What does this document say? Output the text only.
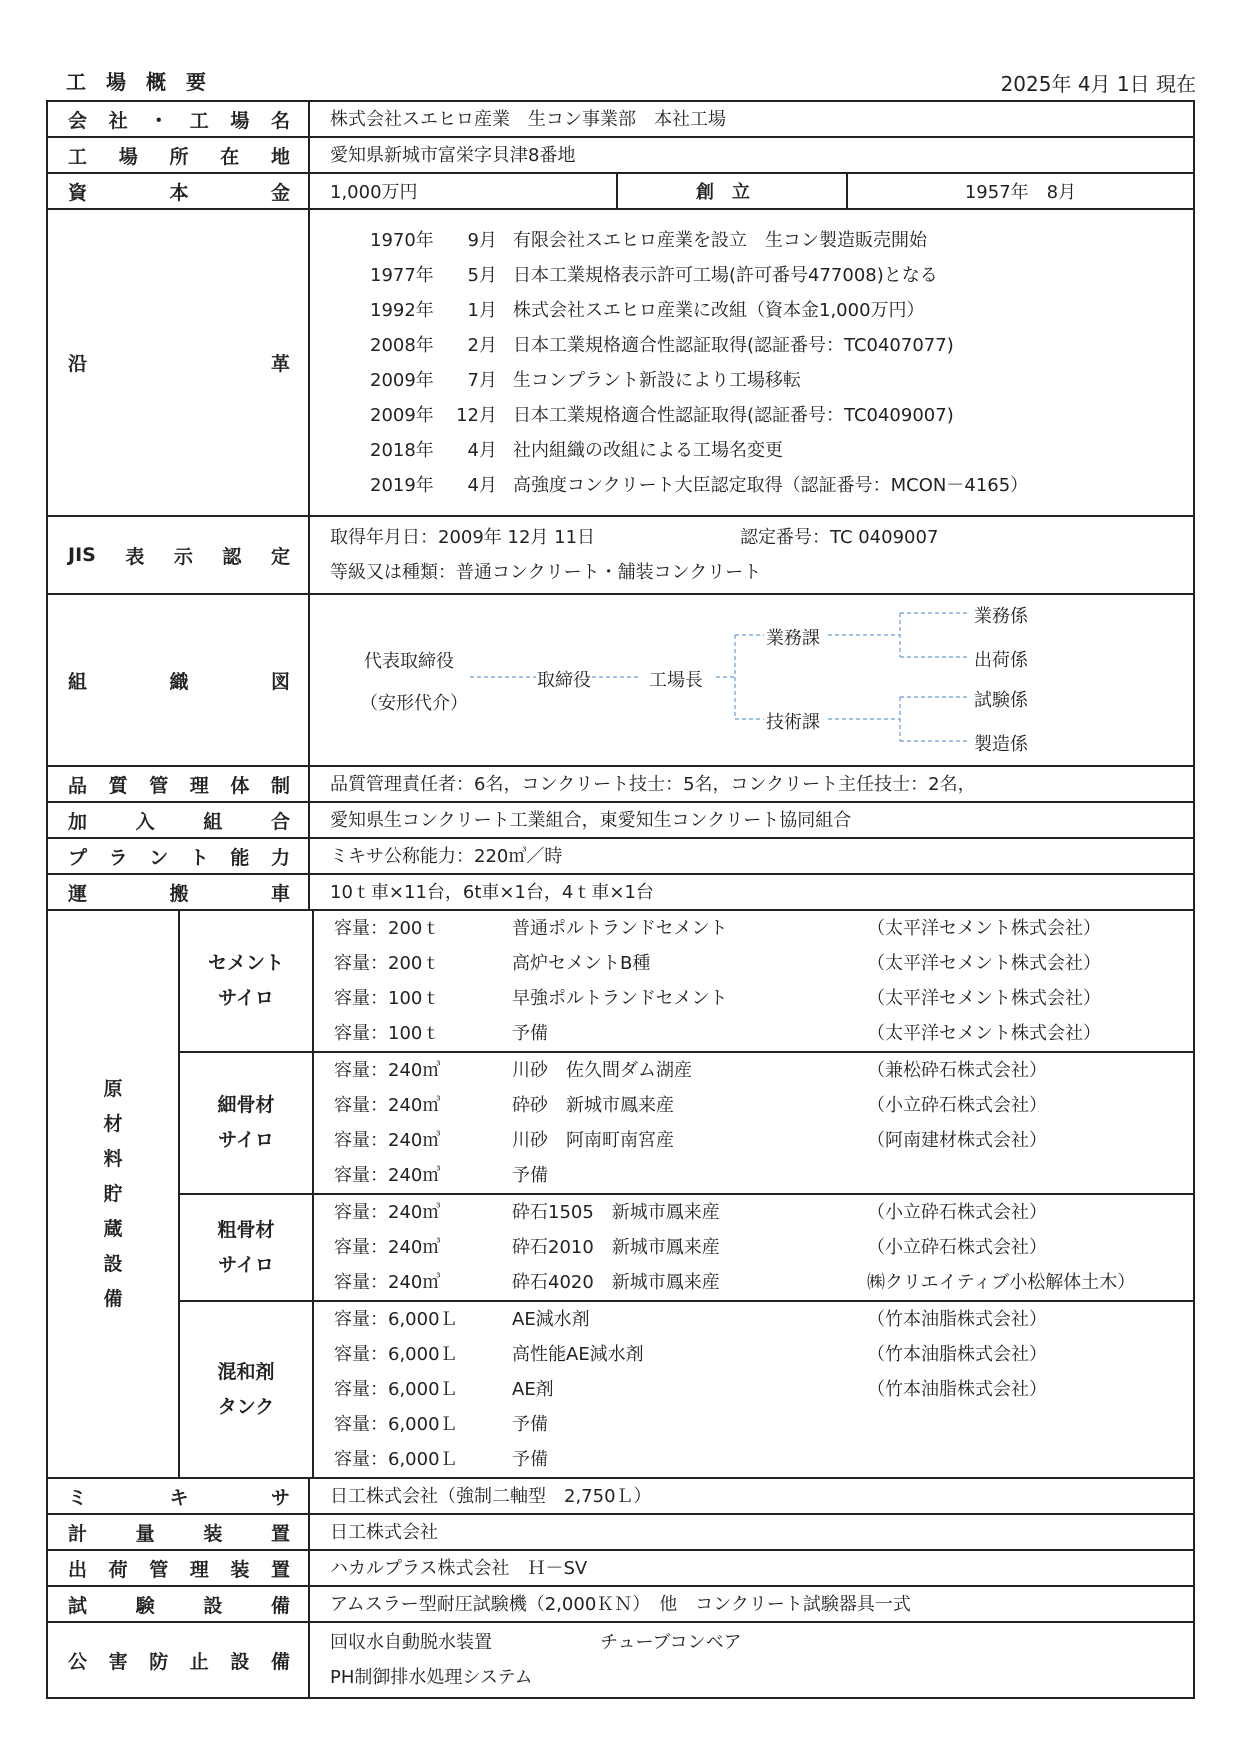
工場概要	2025年 4月 1日 現在
会 社 ・ 工 場 名 株式会社スエヒロ産業　生コン事業部　本社工場
工 場 所 在 地 愛知県新城市富栄字貝津8番地
資	本	金	1,000万円	創立	1957年　8月
沿	革
1970年 9月 有限会社スエヒロ産業を設立　生コン製造販売開始
1977年 5月 日本工業規格表示許可工場(許可番号477008)となる
1992年 1月 株式会社スエヒロ産業に改組（資本金1,000万円）
2008年 2月 日本工業規格適合性認証取得(認証番号：TC0407077)
2009年 7月 生コンプラント新設により工場移転
2009年 12月 日本工業規格適合性認証取得(認証番号：TC0409007)
2018年 4月 社内組織の改組による工場名変更
2019年 4月 高強度コンクリート大臣認定取得（認証番号：MCON－4165）
JIS 表 示 認 定
取得年月日：2009年 12月 11日	認定番号：TC 0409007
等級又は種類：普通コンクリート・舗装コンクリート
組	織	図
代表取締役
（安形代介）
取締役	工場長
業務課
技術課
業務係
出荷係
試験係
製造係
品 質 管 理 体 制 品質管理責任者：6名，コンクリート技士：5名，コンクリート主任技士：2名，
加	入	組	合 愛知県生コンクリート工業組合，東愛知生コンクリート協同組合
プ ラ ン ト 能 力 ミキサ公称能力：220㎥／時
運	搬	車 10ｔ車×11台，6t車×1台，4ｔ車×1台
原
材
料
貯
蔵
設
備
セメント
サイロ
容量：200ｔ	普通ポルトランドセメント	（太平洋セメント株式会社）
容量：200ｔ	高炉セメントB種	（太平洋セメント株式会社）
容量：100ｔ	早強ポルトランドセメント	（太平洋セメント株式会社）
容量：100ｔ	予備	（太平洋セメント株式会社）
細骨材
サイロ
容量：240㎥	川砂　佐久間ダム湖産	（兼松砕石株式会社）
容量：240㎥	砕砂　新城市鳳来産	（小立砕石株式会社）
容量：240㎥	川砂　阿南町南宮産	（阿南建材株式会社）
容量：240㎥	予備
粗骨材
サイロ
容量：240㎥	砕石1505　新城市鳳来産	（小立砕石株式会社）
容量：240㎥	砕石2010　新城市鳳来産	（小立砕石株式会社）
容量：240㎥	砕石4020　新城市鳳来産	㈱クリエイティブ小松解体土木）
混和剤
タンク
容量：6,000Ｌ	AE減水剤	（竹本油脂株式会社）
容量：6,000Ｌ	高性能AE減水剤	（竹本油脂株式会社）
容量：6,000Ｌ	AE剤	（竹本油脂株式会社）
容量：6,000Ｌ	予備
容量：6,000Ｌ	予備
ミ	キ	サ 日工株式会社（強制二軸型　2,750Ｌ）
計	量	装	置 日工株式会社
出 荷 管 理 装 置 ハカルプラス株式会社　Ｈ－SV
試	験	設	備 アムスラー型耐圧試験機（2,000ＫＮ）　他　コンクリート試験器具一式
公 害 防 止 設 備
回収水自動脱水装置	チューブコンベア
PH制御排水処理システム
